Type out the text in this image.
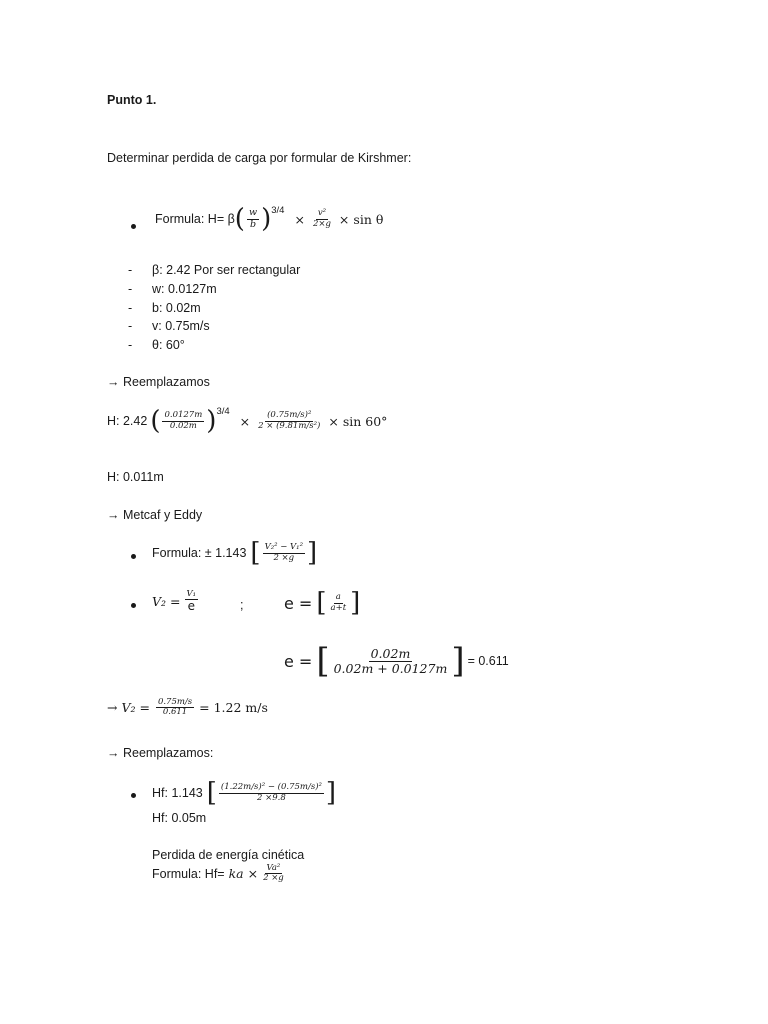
Punto 1.
Determinar perdida de carga por formular de Kirshmer:
Formula: H= β ( $\frac{w}{b}$ ) 3/4
× $\frac{\text{v²}}{2\times g} \times \sin \theta$
- β: 2.42 Por ser rectangular
- w: 0.0127m
- b: 0.02m
- v: 0.75m/s
- θ: 60°
→ Reemplazamos
H: 2.42 ( $\frac{0.0127m}{0.02m}$ ) 3/4
× $\frac{\text{(0.75m/s)²}}{\text{2 × (9.81m/s²)}} \times \sin 60^\circ$
H: 0.011m
→ Metcaf y Eddy
Formula: ± 1.143 [ $\frac{\text{V₂² − V₁²}}{2 \times g}$ ]
$V_2 = \frac{\text{V₁}}{e}$	;	e = [ $\frac{a}{a+t}$ ]
e = [ $\frac{0.02m}{0.02m + 0.0127m}$ ] = 0.611
→ $V_2 = \frac{0.75m/s}{0.611} = 1.22$ m/s
→ Reemplazamos:
Hf: 1.143 [ $\frac{\text{(1.22m/s)² − (0.75m/s)²}}{2 \times 9.8}$ ]
Hf: 0.05m
Perdida de energía cinética
Formula: Hf= ka × $\frac{\text{Va²}}{2 \times g}$
